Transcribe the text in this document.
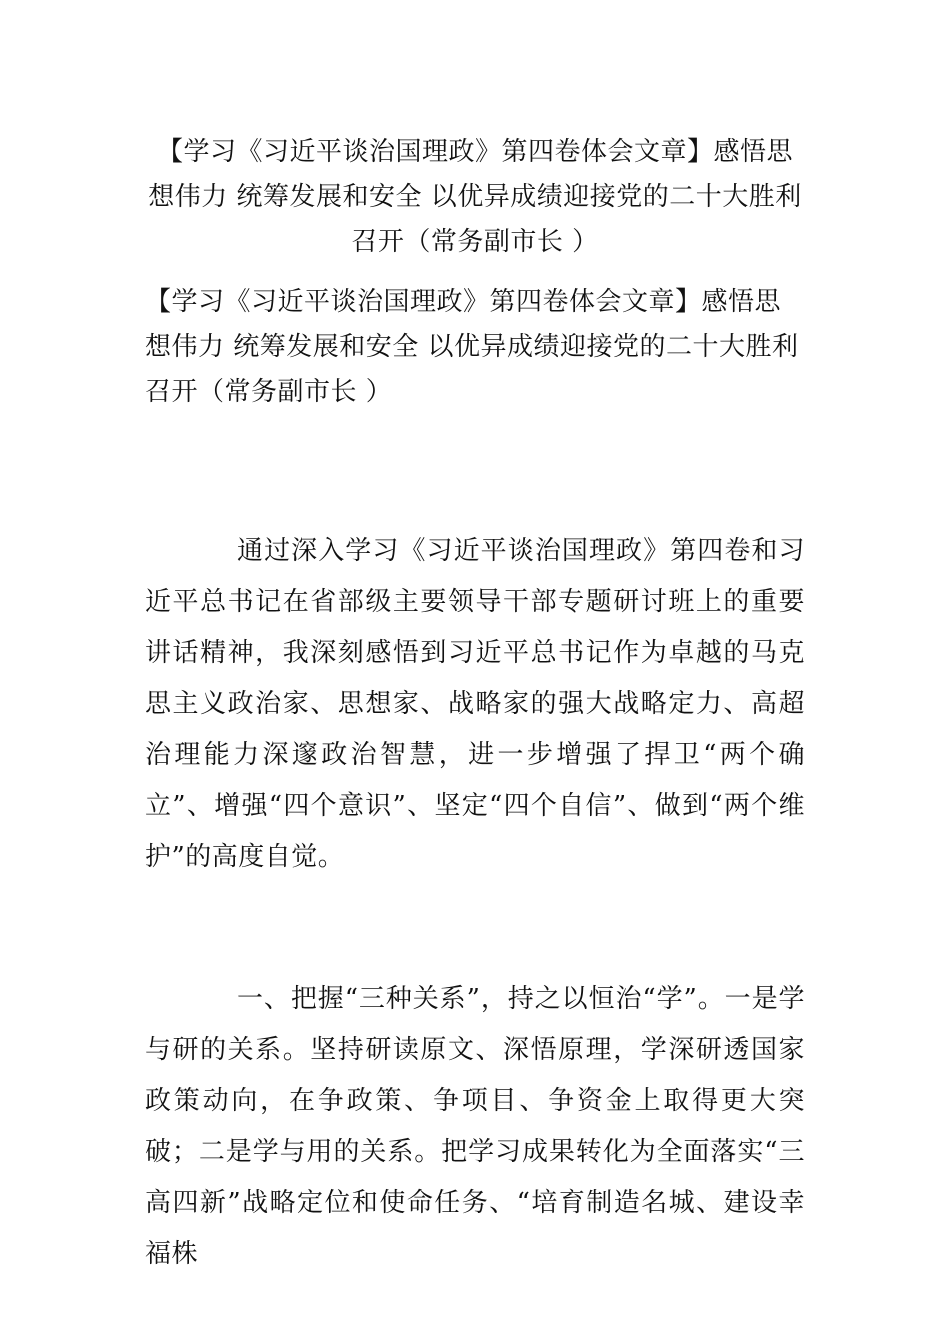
【学习《习近平谈治国理政》第四卷体会文章】感悟思想伟力 统筹发展和安全 以优异成绩迎接党的二十大胜利召开（常务副市长 ）

【学习《习近平谈治国理政》第四卷体会文章】感悟思想伟力 统筹发展和安全 以优异成绩迎接党的二十大胜利召开（常务副市长 ）

通过深入学习《习近平谈治国理政》第四卷和习近平总书记在省部级主要领导干部专题研讨班上的重要讲话精神，我深刻感悟到习近平总书记作为卓越的马克思主义政治家、思想家、战略家的强大战略定力、高超治理能力深邃政治智慧，进一步增强了捍卫“两个确立”、增强“四个意识”、坚定“四个自信”、做到“两个维护”的高度自觉。

一、把握“三种关系”，持之以恒治“学”。一是学与研的关系。坚持研读原文、深悟原理，学深研透国家政策动向，在争政策、争项目、争资金上取得更大突破；二是学与用的关系。把学习成果转化为全面落实“三高四新”战略定位和使命任务、“培育制造名城、建设幸福株
